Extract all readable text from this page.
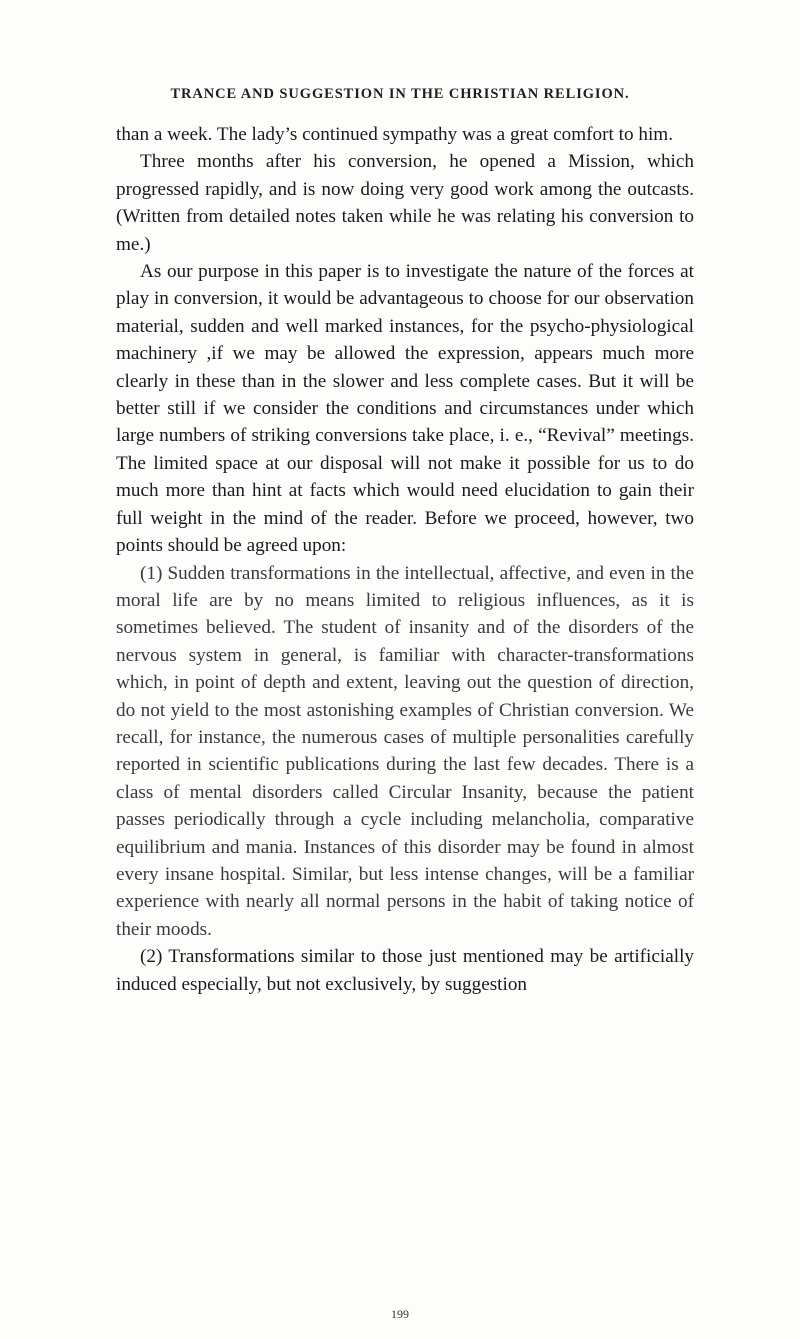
TRANCE AND SUGGESTION IN THE CHRISTIAN RELIGION.

than a week. The lady’s continued sympathy was a great comfort to him.

Three months after his conversion, he opened a Mission, which progressed rapidly, and is now doing very good work among the outcasts. (Written from detailed notes taken while he was relating his conversion to me.)

As our purpose in this paper is to investigate the nature of the forces at play in conversion, it would be advantageous to choose for our observation material, sudden and well marked instances, for the psycho-physiological machinery ,if we may be allowed the expression, appears much more clearly in these than in the slower and less complete cases. But it will be better still if we consider the conditions and circumstances under which large numbers of striking conversions take place, i. e., “Revival” meetings. The limited space at our disposal will not make it possible for us to do much more than hint at facts which would need elucidation to gain their full weight in the mind of the reader. Before we proceed, however, two points should be agreed upon:

(1) Sudden transformations in the intellectual, affective, and even in the moral life are by no means limited to religious influences, as it is sometimes believed. The student of insanity and of the disorders of the nervous system in general, is familiar with character-transformations which, in point of depth and extent, leaving out the question of direction, do not yield to the most astonishing examples of Christian conversion. We recall, for instance, the numerous cases of multiple personalities carefully reported in scientific publications during the last few decades. There is a class of mental disorders called Circular Insanity, because the patient passes periodically through a cycle including melancholia, comparative equilibrium and mania. Instances of this disorder may be found in almost every insane hospital. Similar, but less intense changes, will be a familiar experience with nearly all normal persons in the habit of taking notice of their moods.

(2) Transformations similar to those just mentioned may be artificially induced especially, but not exclusively, by suggestion

199
